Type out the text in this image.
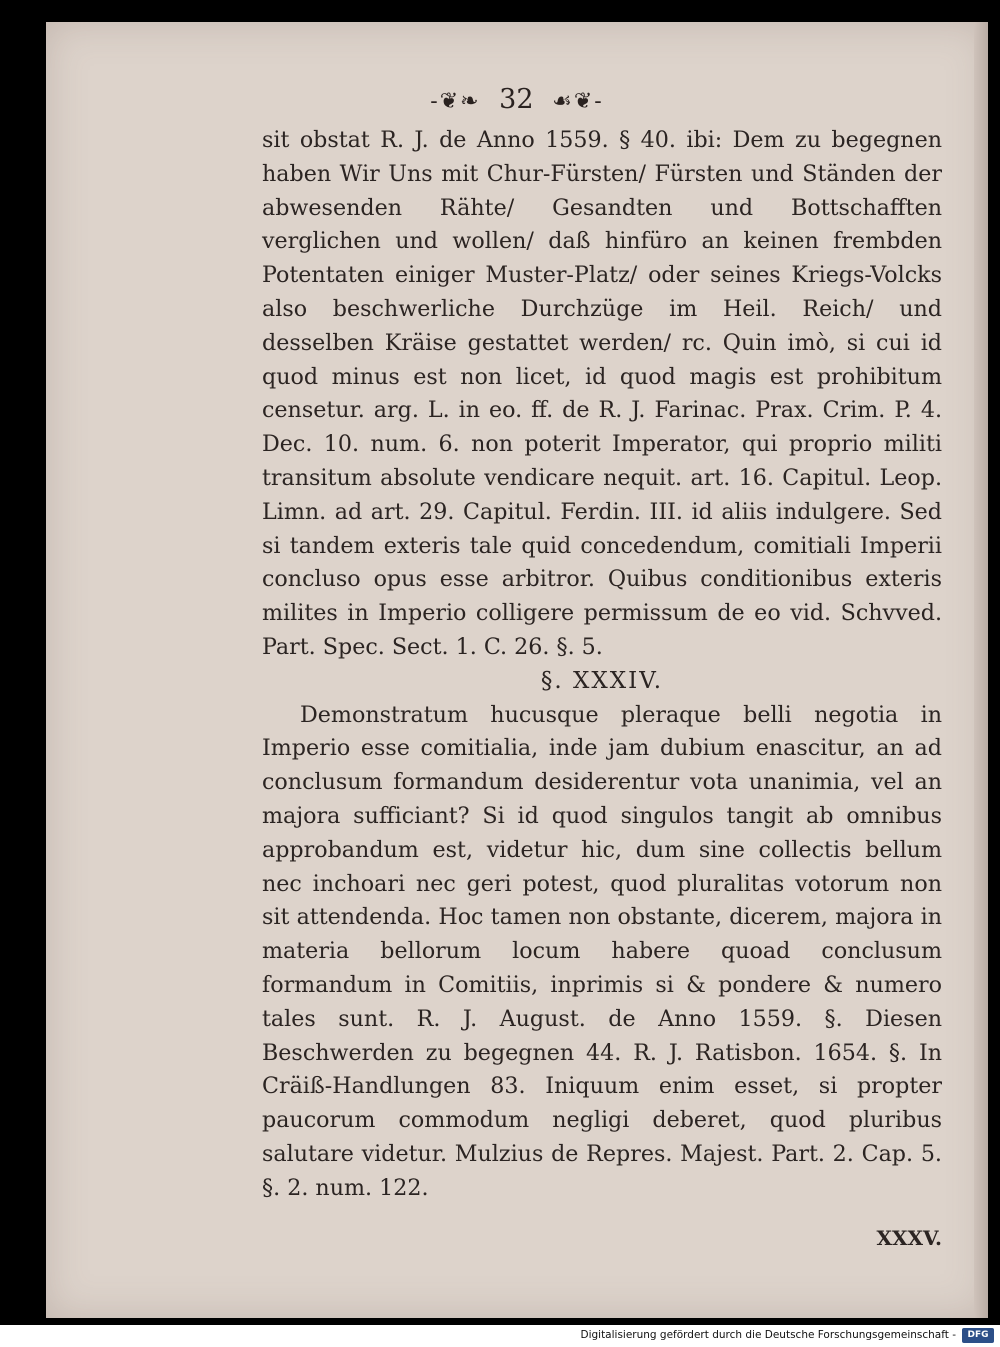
-❦❧ 32 ☙❦-

sit obstat R. J. de Anno 1559. § 40. ibi: Dem zu begegnen haben Wir Uns mit Chur-Fürsten/ Fürsten und Ständen der abwesenden Rähte/ Gesandten und Bottschafften verglichen und wollen/ daß hinfüro an keinen frembden Potentaten einiger Muster-Platz/ oder seines Kriegs-Volcks also beschwerliche Durchzüge im Heil. Reich/ und desselben Kräise gestattet werden/ rc. Quin imò, si cui id quod minus est non licet, id quod magis est prohibitum censetur. arg. L. in eo. ff. de R. J. Farinac. Prax. Crim. P. 4. Dec. 10. num. 6. non poterit Imperator, qui proprio militi transitum absolute vendicare nequit. art. 16. Capitul. Leop. Limn. ad art. 29. Capitul. Ferdin. III. id aliis indulgere. Sed si tandem exteris tale quid concedendum, comitiali Imperii concluso opus esse arbitror. Quibus conditionibus exteris milites in Imperio colligere permissum de eo vid. Schvved. Part. Spec. Sect. 1. C. 26. §. 5.

§. XXXIV.

Demonstratum hucusque pleraque belli negotia in Imperio esse comitialia, inde jam dubium enascitur, an ad conclusum formandum desiderentur vota unanimia, vel an majora sufficiant? Si id quod singulos tangit ab omnibus approbandum est, videtur hic, dum sine collectis bellum nec inchoari nec geri potest, quod pluralitas votorum non sit attendenda. Hoc tamen non obstante, dicerem, majora in materia bellorum locum habere quoad conclusum formandum in Comitiis, inprimis si & pondere & numero tales sunt. R. J. August. de Anno 1559. §. Diesen Beschwerden zu begegnen 44. R. J. Ratisbon. 1654. §. In Cräiß-Handlungen 83. Iniquum enim esset, si propter paucorum commodum negligi deberet, quod pluribus salutare videtur. Mulzius de Repres. Majest. Part. 2. Cap. 5. §. 2. num. 122.

XXXV.
Digitalisierung gefördert durch die Deutsche Forschungsgemeinschaft -	DFG
